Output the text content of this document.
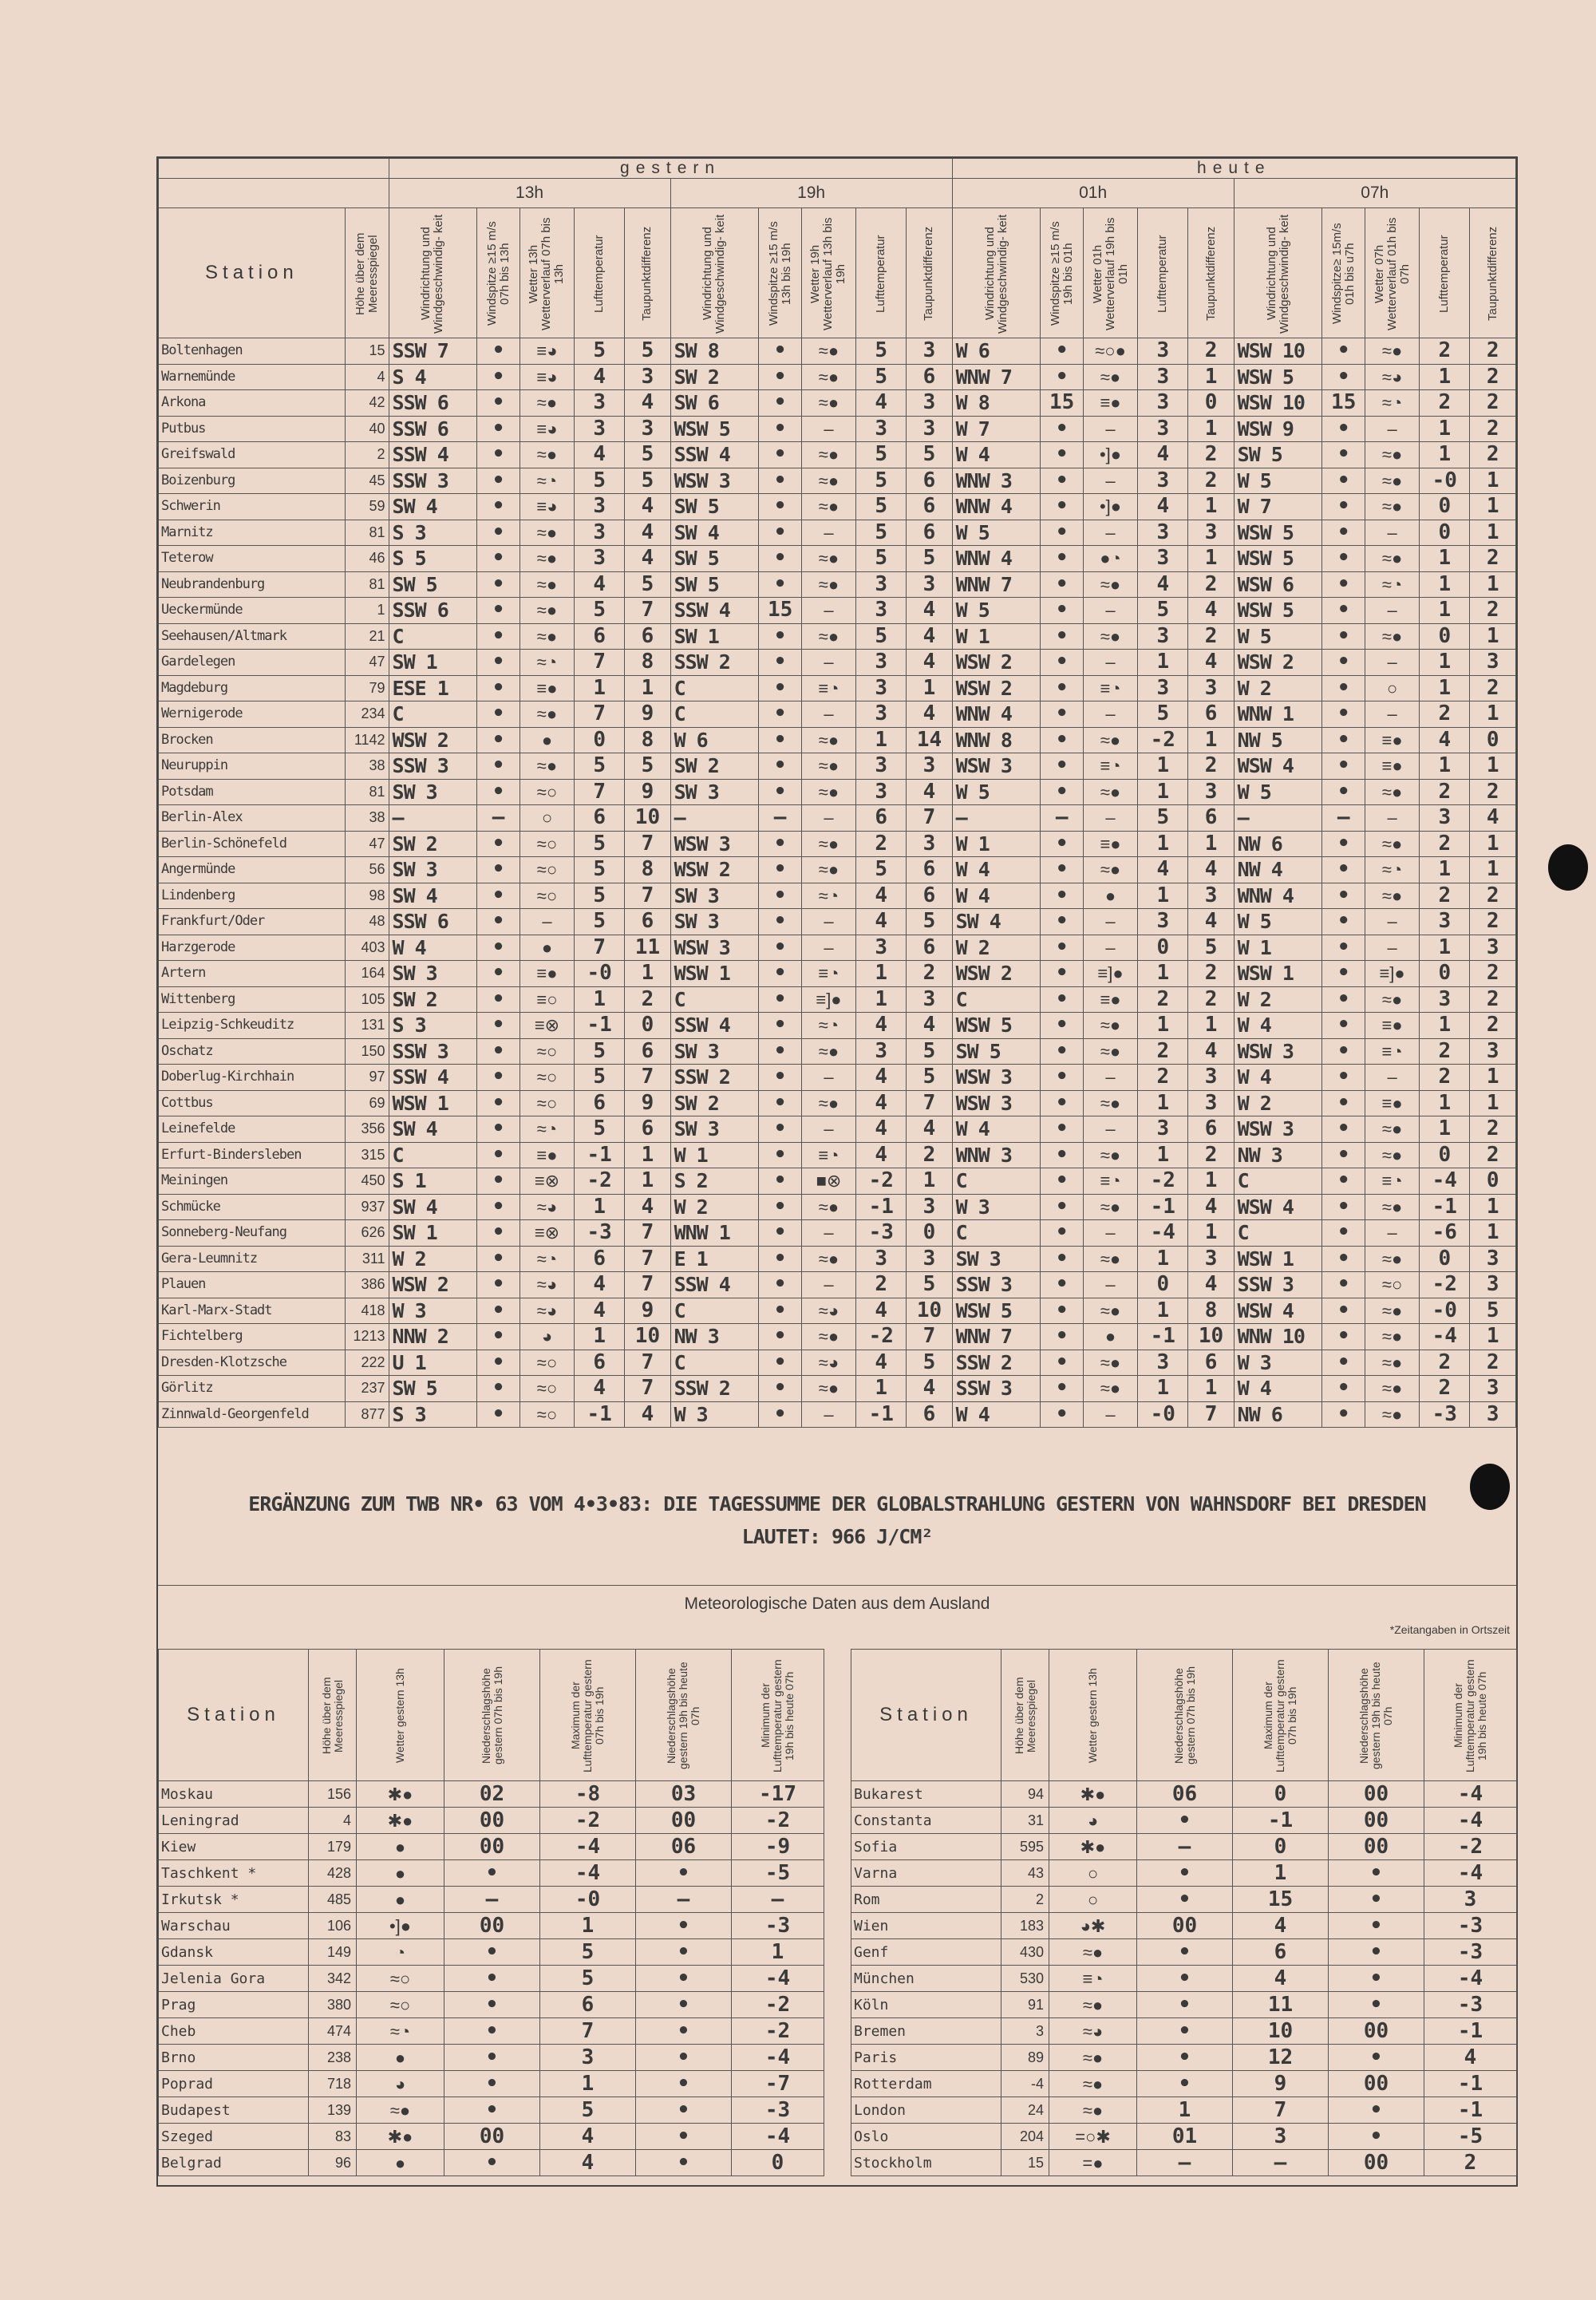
		gestern										heute									
		13h					19h					01h					07h				
Station	Höhe über dem Meeresspiegel	Windrichtung und Windgeschwindig- keit	Windspitze ≥15 m/s 07h bis 13h	Wetter 13h Wetterverlauf 07h bis 13h	Lufttemperatur	Taupunktdifferenz	Windrichtung und Windgeschwindig- keit	Windspitze ≥15 m/s 13h bis 19h	Wetter 19h Wetterverlauf 13h bis 19h	Lufttemperatur	Taupunktdifferenz	Windrichtung und Windgeschwindig- keit	Windspitze ≥15 m/s 19h bis 01h	Wetter 01h Wetterverlauf 19h bis 01h	Lufttemperatur	Taupunktdifferenz	Windrichtung und Windgeschwindig- keit	Windspitze≥ 15m/s 01h bis u7h	Wetter 07h Wetterverlauf 01h bis 07h	Lufttemperatur	Taupunktdifferenz

Boltenhagen	15	SSW 7	•	≡◕	5	5	SW 8	•	≈●	5	3	W 6	•	≈○●	3	2	WSW 10	•	≈●	2	2
Warnemünde	4	S 4	•	≡◕	4	3	SW 2	•	≈●	5	6	WNW 7	•	≈●	3	1	WSW 5	•	≈◕	1	2
Arkona	42	SSW 6	•	≈●	3	4	SW 6	•	≈●	4	3	W 8	15	≡●	3	0	WSW 10	15	≈◔	2	2
Putbus	40	SSW 6	•	≡◕	3	3	WSW 5	•	–	3	3	W 7	•	–	3	1	WSW 9	•	–	1	2
Greifswald	2	SSW 4	•	≈●	4	5	SSW 4	•	≈●	5	5	W 4	•	•]●	4	2	SW 5	•	≈●	1	2
Boizenburg	45	SSW 3	•	≈◔	5	5	WSW 3	•	≈●	5	6	WNW 3	•	–	3	2	W 5	•	≈●	-0	1
Schwerin	59	SW 4	•	≡◕	3	4	SW 5	•	≈●	5	6	WNW 4	•	•]●	4	1	W 7	•	≈●	0	1
Marnitz	81	S 3	•	≈●	3	4	SW 4	•	–	5	6	W 5	•	–	3	3	WSW 5	•	–	0	1
Teterow	46	S 5	•	≈●	3	4	SW 5	•	≈●	5	5	WNW 4	•	●◔	3	1	WSW 5	•	≈●	1	2
Neubrandenburg	81	SW 5	•	≈●	4	5	SW 5	•	≈●	3	3	WNW 7	•	≈●	4	2	WSW 6	•	≈◔	1	1
Ueckermünde	1	SSW 6	•	≈●	5	7	SSW 4	15	–	3	4	W 5	•	–	5	4	WSW 5	•	–	1	2
Seehausen/Altmark	21	C	•	≈●	6	6	SW 1	•	≈●	5	4	W 1	•	≈●	3	2	W 5	•	≈●	0	1
Gardelegen	47	SW 1	•	≈◔	7	8	SSW 2	•	–	3	4	WSW 2	•	–	1	4	WSW 2	•	–	1	3
Magdeburg	79	ESE 1	•	≡●	1	1	C	•	≡◔	3	1	WSW 2	•	≡◔	3	3	W 2	•	○	1	2
Wernigerode	234	C	•	≈●	7	9	C	•	–	3	4	WNW 4	•	–	5	6	WNW 1	•	–	2	1
Brocken	1142	WSW 2	•	●	0	8	W 6	•	≈●	1	14	WNW 8	•	≈●	-2	1	NW 5	•	≡●	4	0
Neuruppin	38	SSW 3	•	≈●	5	5	SW 2	•	≈●	3	3	WSW 3	•	≡◔	1	2	WSW 4	•	≡●	1	1
Potsdam	81	SW 3	•	≈○	7	9	SW 3	•	≈●	3	4	W 5	•	≈●	1	3	W 5	•	≈●	2	2
Berlin-Alex	38	–	–	○	6	10	–	–	–	6	7	–	–	–	5	6	–	–	–	3	4
Berlin-Schönefeld	47	SW 2	•	≈○	5	7	WSW 3	•	≈●	2	3	W 1	•	≡●	1	1	NW 6	•	≈●	2	1
Angermünde	56	SW 3	•	≈○	5	8	WSW 2	•	≈●	5	6	W 4	•	≈●	4	4	NW 4	•	≈◔	1	1
Lindenberg	98	SW 4	•	≈○	5	7	SW 3	•	≈◔	4	6	W 4	•	●	1	3	WNW 4	•	≈●	2	2
Frankfurt/Oder	48	SSW 6	•	–	5	6	SW 3	•	–	4	5	SW 4	•	–	3	4	W 5	•	–	3	2
Harzgerode	403	W 4	•	●	7	11	WSW 3	•	–	3	6	W 2	•	–	0	5	W 1	•	–	1	3
Artern	164	SW 3	•	≡●	-0	1	WSW 1	•	≡◔	1	2	WSW 2	•	≡]●	1	2	WSW 1	•	≡]●	0	2
Wittenberg	105	SW 2	•	≡○	1	2	C	•	≡]●	1	3	C	•	≡●	2	2	W 2	•	≈●	3	2
Leipzig-Schkeuditz	131	S 3	•	≡⊗	-1	0	SSW 4	•	≈◔	4	4	WSW 5	•	≈●	1	1	W 4	•	≡●	1	2
Oschatz	150	SSW 3	•	≈○	5	6	SW 3	•	≈●	3	5	SW 5	•	≈●	2	4	WSW 3	•	≡◔	2	3
Doberlug-Kirchhain	97	SSW 4	•	≈○	5	7	SSW 2	•	–	4	5	WSW 3	•	–	2	3	W 4	•	–	2	1
Cottbus	69	WSW 1	•	≈○	6	9	SW 2	•	≈●	4	7	WSW 3	•	≈●	1	3	W 2	•	≡●	1	1
Leinefelde	356	SW 4	•	≈◔	5	6	SW 3	•	–	4	4	W 4	•	–	3	6	WSW 3	•	≈●	1	2
Erfurt-Bindersleben	315	C	•	≡●	-1	1	W 1	•	≡◔	4	2	WNW 3	•	≈●	1	2	NW 3	•	≈●	0	2
Meiningen	450	S 1	•	≡⊗	-2	1	S 2	•	■⊗	-2	1	C	•	≡◔	-2	1	C	•	≡◔	-4	0
Schmücke	937	SW 4	•	≈◕	1	4	W 2	•	≈●	-1	3	W 3	•	≈●	-1	4	WSW 4	•	≈●	-1	1
Sonneberg-Neufang	626	SW 1	•	≡⊗	-3	7	WNW 1	•	–	-3	0	C	•	–	-4	1	C	•	–	-6	1
Gera-Leumnitz	311	W 2	•	≈◔	6	7	E 1	•	≈●	3	3	SW 3	•	≈●	1	3	WSW 1	•	≈●	0	3
Plauen	386	WSW 2	•	≈◕	4	7	SSW 4	•	–	2	5	SSW 3	•	–	0	4	SSW 3	•	≈○	-2	3
Karl-Marx-Stadt	418	W 3	•	≈◕	4	9	C	•	≈◕	4	10	WSW 5	•	≈●	1	8	WSW 4	•	≈●	-0	5
Fichtelberg	1213	NNW 2	•	◕	1	10	NW 3	•	≈●	-2	7	WNW 7	•	●	-1	10	WNW 10	•	≈●	-4	1
Dresden-Klotzsche	222	U 1	•	≈○	6	7	C	•	≈◕	4	5	SSW 2	•	≈●	3	6	W 3	•	≈●	2	2
Görlitz	237	SW 5	•	≈○	4	7	SSW 2	•	≈●	1	4	SSW 3	•	≈●	1	1	W 4	•	≈●	2	3
Zinnwald-Georgenfeld	877	S 3	•	≈○	-1	4	W 3	•	–	-1	6	W 4	•	–	-0	7	NW 6	•	≈●	-3	3

ERGÄNZUNG ZUM TWB NR• 63 VOM 4•3•83: DIE TAGESSUMME DER GLOBALSTRAHLUNG GESTERN VON WAHNSDORF BEI DRESDEN

LAUTET: 966 J/CM²

Meteorologische Daten aus dem Ausland
*Zeitangaben in Ortszeit
Station	Höhe über dem Meeresspiegel	Wetter gestern 13h	Niederschlagshöhe gestern 07h bis 19h	Maximum der Lufttemperatur gestern 07h bis 19h	Niederschlagshöhe gestern 19h bis heute 07h	Minimum der Lufttemperatur gestern 19h bis heute 07h

Moskau	156	✱●	02	-8	03	-17
Leningrad	4	✱●	00	-2	00	-2
Kiew	179	●	00	-4	06	-9
Taschkent *	428	●	•	-4	•	-5
Irkutsk *	485	●	–	-0	–	–
Warschau	106	•]●	00	1	•	-3
Gdansk	149	◔	•	5	•	1
Jelenia Gora	342	≈○	•	5	•	-4
Prag	380	≈○	•	6	•	-2
Cheb	474	≈◔	•	7	•	-2
Brno	238	●	•	3	•	-4
Poprad	718	◕	•	1	•	-7
Budapest	139	≈●	•	5	•	-3
Szeged	83	✱●	00	4	•	-4
Belgrad	96	●	•	4	•	0
Station	Höhe über dem Meeresspiegel	Wetter gestern 13h	Niederschlagshöhe gestern 07h bis 19h	Maximum der Lufttemperatur gestern 07h bis 19h	Niederschlagshöhe gestern 19h bis heute 07h	Minimum der Lufttemperatur gestern 19h bis heute 07h

Bukarest	94	✱●	06	0	00	-4
Constanta	31	◕	•	-1	00	-4
Sofia	595	✱●	–	0	00	-2
Varna	43	○	•	1	•	-4
Rom	2	○	•	15	•	3
Wien	183	◕✱	00	4	•	-3
Genf	430	≈●	•	6	•	-3
München	530	≡◔	•	4	•	-4
Köln	91	≈●	•	11	•	-3
Bremen	3	≈◕	•	10	00	-1
Paris	89	≈●	•	12	•	4
Rotterdam	-4	≈●	•	9	00	-1
London	24	≈●	1	7	•	-1
Oslo	204	=○✱	01	3	•	-5
Stockholm	15	=●	–	–	00	2
